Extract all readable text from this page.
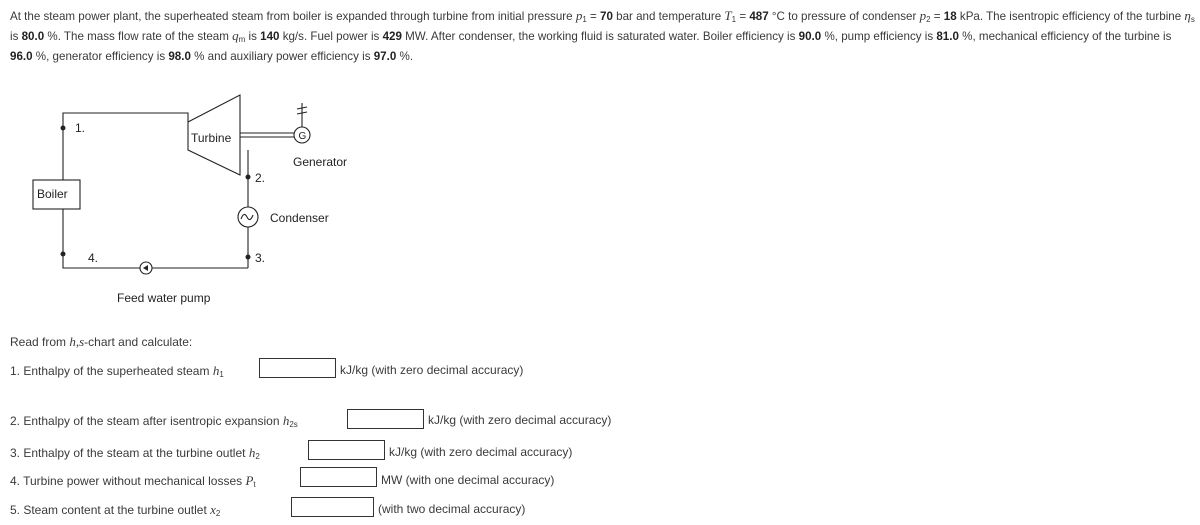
At the steam power plant, the superheated steam from boiler is expanded through turbine from initial pressure $p_1 = 70$ bar and temperature $T_1 = 487$ °C to pressure of condenser $p_2 = 18$ kPa. The isentropic efficiency of the turbine $\eta_s$ is 80.0 %. The mass flow rate of the steam $q_m$ is 140 kg/s. Fuel power is 429 MW. After condenser, the working fluid is saturated water. Boiler efficiency is 90.0 %, pump efficiency is 81.0 %, mechanical efficiency of the turbine is 96.0 %, generator efficiency is 98.0 % and auxiliary power efficiency is 97.0 %.
1.
Turbine	G
Generator
2.
Boiler
Condenser
3.
4.
Feed water pump
Read from h,s-chart and calculate:
1. Enthalpy of the superheated steam $h_1$	kJ/kg (with zero decimal accuracy)
2. Enthalpy of the steam after isentropic expansion $h_{2s}$	kJ/kg (with zero decimal accuracy)
3. Enthalpy of the steam at the turbine outlet $h_2$	kJ/kg (with zero decimal accuracy)
4. Turbine power without mechanical losses $P_t$	MW (with one decimal accuracy)
5. Steam content at the turbine outlet $x_2$	(with two decimal accuracy)
